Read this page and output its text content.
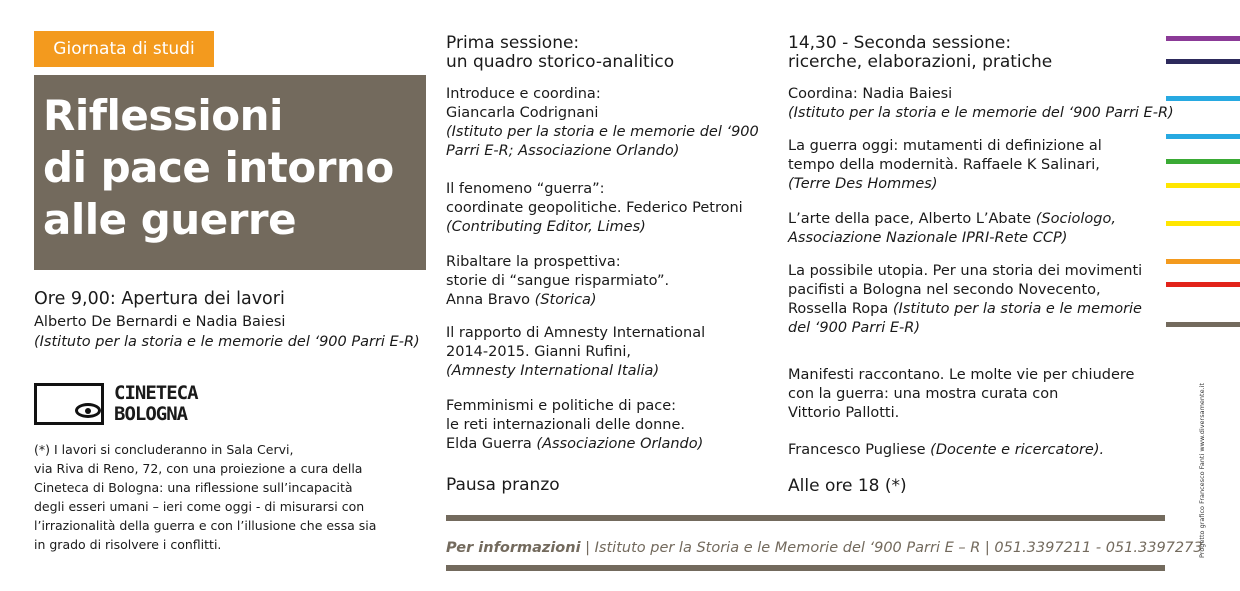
Giornata di studi
Riflessioni
di pace intorno
alle guerre
Ore 9,00: Apertura dei lavori
Alberto De Bernardi e Nadia Baiesi
(Istituto per la storia e le memorie del ‘900 Parri E-R)
CINETECA
BOLOGNA
(*) I lavori si concluderanno in Sala Cervi,
via Riva di Reno, 72, con una proiezione a cura della
Cineteca di Bologna: una riflessione sull’incapacità
degli esseri umani – ieri come oggi - di misurarsi con
l’irrazionalità della guerra e con l’illusione che essa sia
in grado di risolvere i conflitti.
Prima sessione:
un quadro storico-analitico
Introduce e coordina:
Giancarla Codrignani
(Istituto per la storia e le memorie del ‘900
Parri E-R; Associazione Orlando)
Il fenomeno “guerra”:
coordinate geopolitiche. Federico Petroni
(Contributing Editor, Limes)
Ribaltare la prospettiva:
storie di “sangue risparmiato”.
Anna Bravo (Storica)
Il rapporto di Amnesty International
2014-2015. Gianni Rufini,
(Amnesty International Italia)
Femminismi e politiche di pace:
le reti internazionali delle donne.
Elda Guerra (Associazione Orlando)
Pausa pranzo
14,30 - Seconda sessione:
ricerche, elaborazioni, pratiche
Coordina: Nadia Baiesi
(Istituto per la storia e le memorie del ‘900 Parri E-R)
La guerra oggi: mutamenti di definizione al
tempo della modernità. Raffaele K Salinari,
(Terre Des Hommes)
L’arte della pace, Alberto L’Abate (Sociologo,
Associazione Nazionale IPRI-Rete CCP)
La possibile utopia. Per una storia dei movimenti
pacifisti a Bologna nel secondo Novecento,
Rossella Ropa (Istituto per la storia e le memorie
del ‘900 Parri E-R)
Manifesti raccontano. Le molte vie per chiudere
con la guerra: una mostra curata con
Vittorio Pallotti.
Francesco Pugliese (Docente e ricercatore).
Alle ore 18 (*)
Per informazioni | Istituto per la Storia e le Memorie del ‘900 Parri E – R | 051.3397211 - 051.3397273
Progetto grafico Francesco Fanti www.diversamente.it
